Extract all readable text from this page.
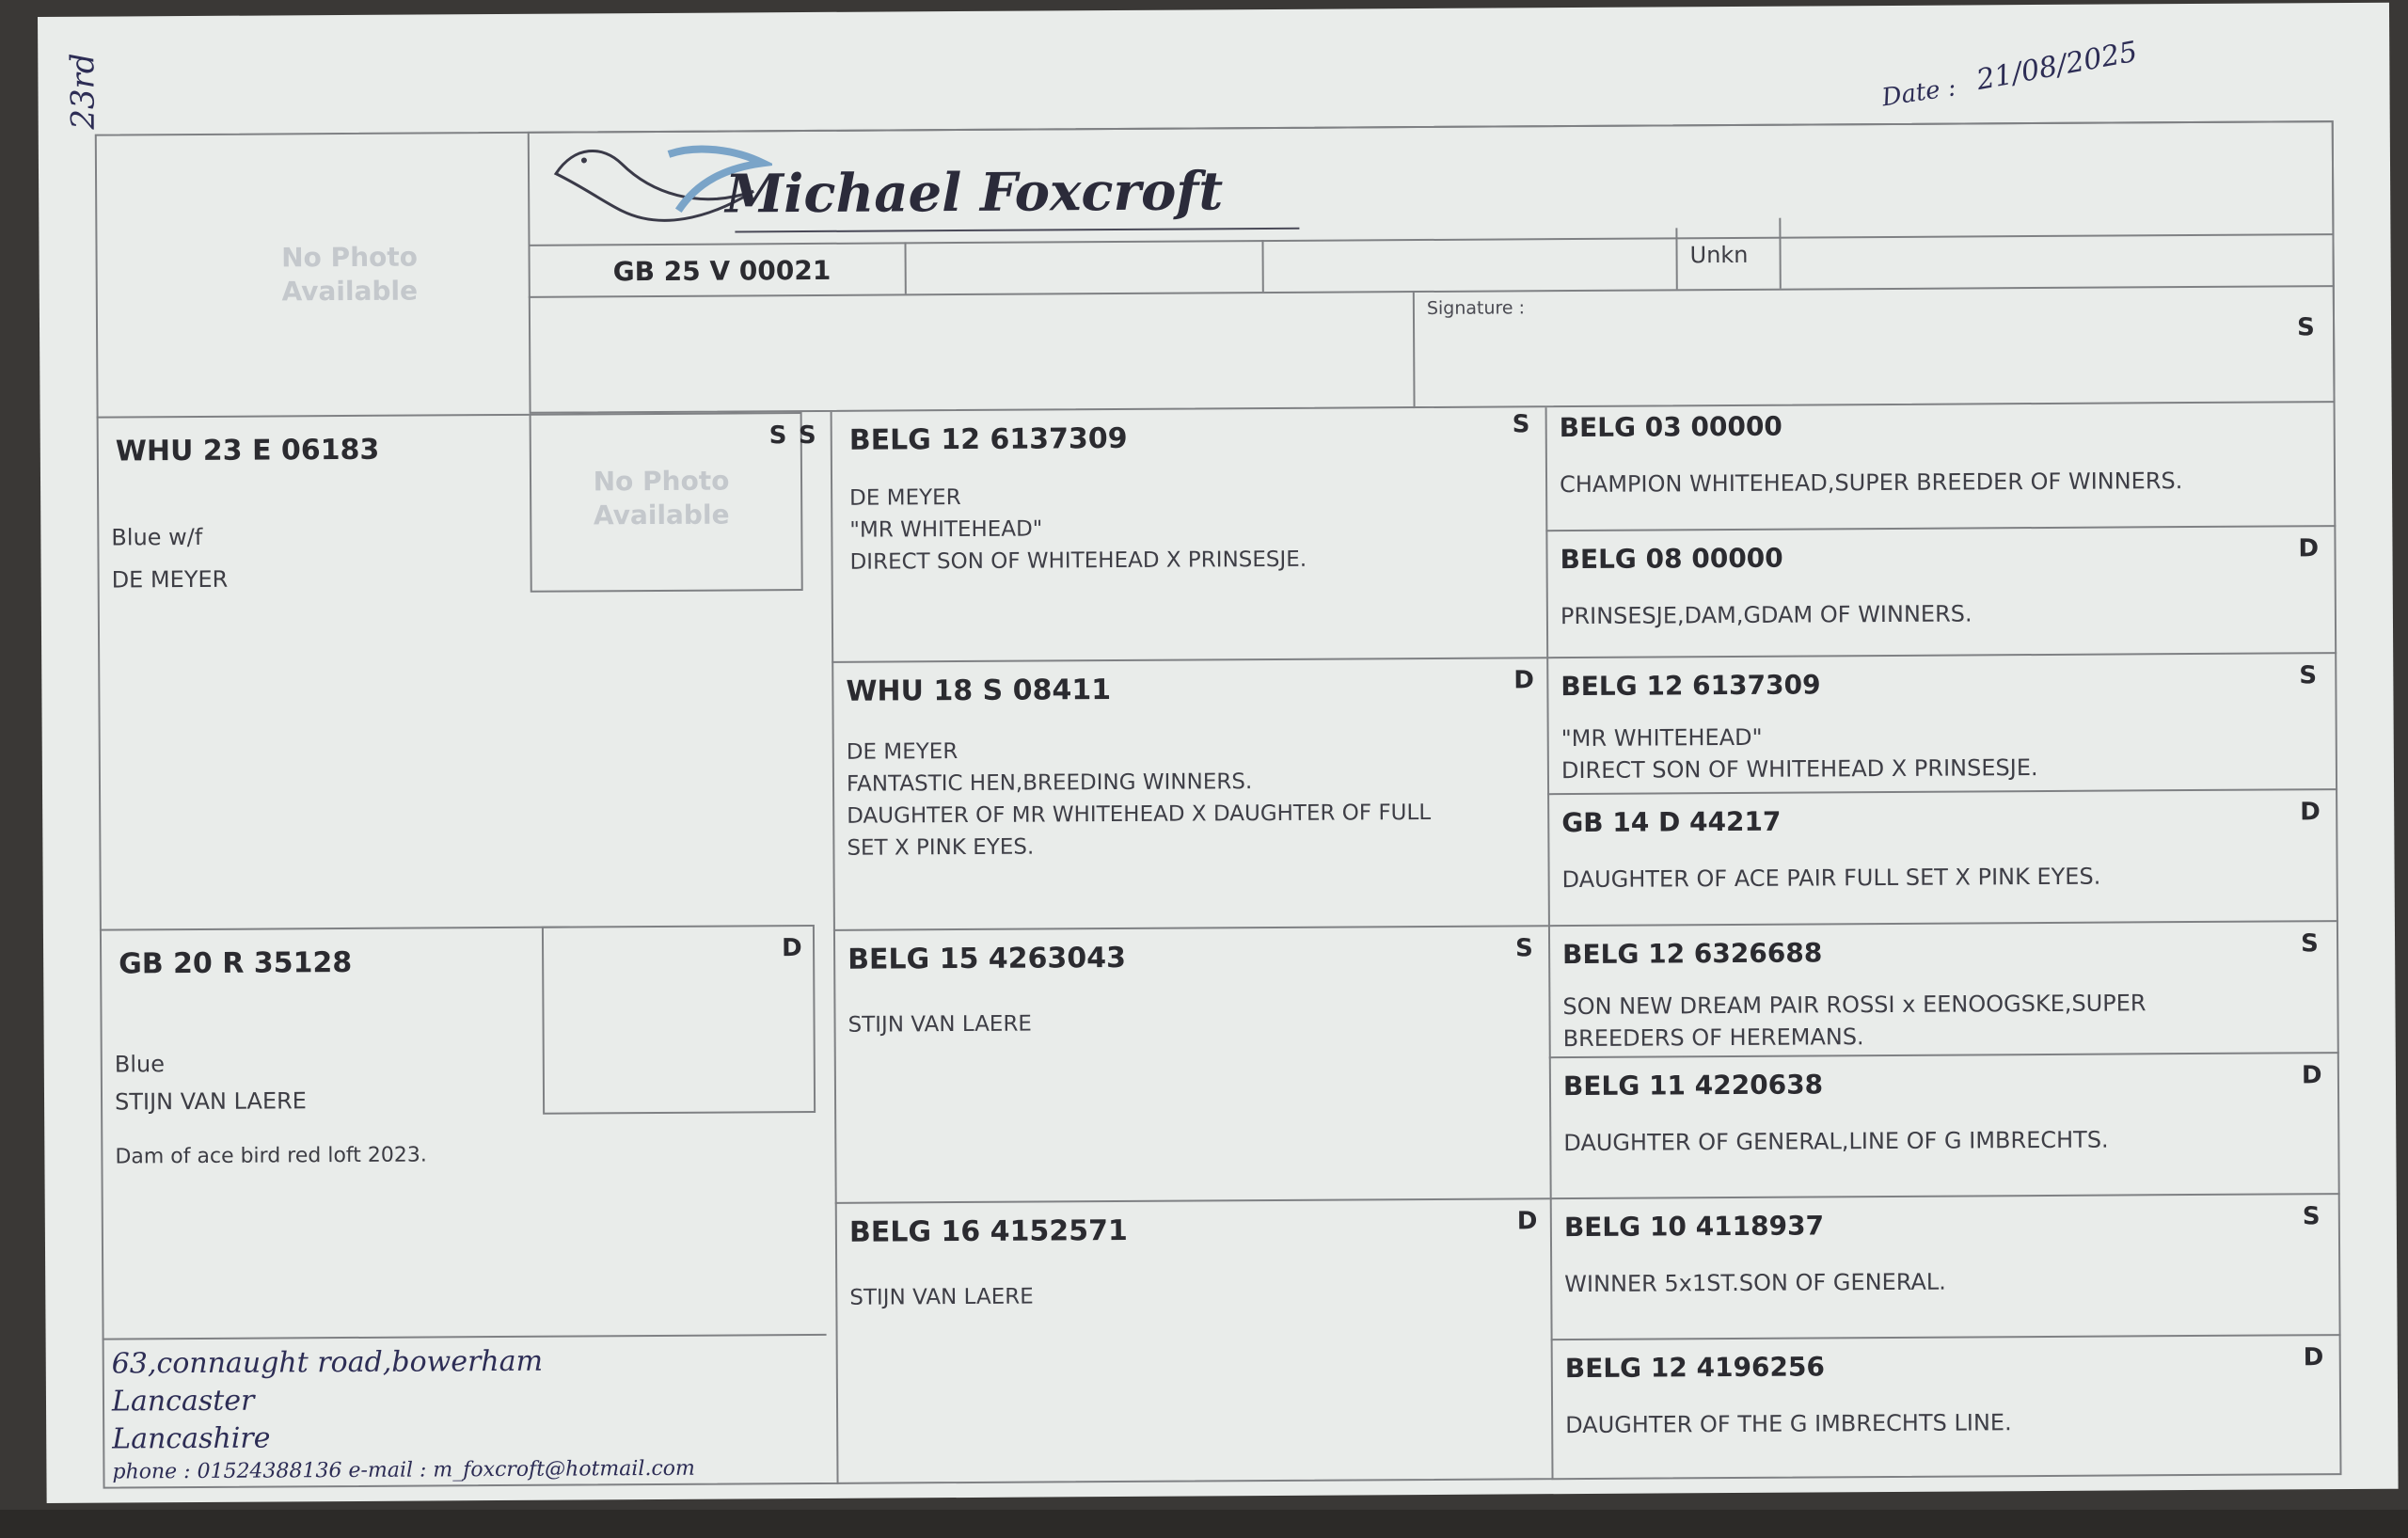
23rd	Date : 21/08/2025
No Photo
Available
Michael Foxcroft
GB 25 V 00021	Unkn
Signature :
No Photo
Available
S
WHU 23 E 06183
Blue w/f
DE MEYER
D
GB 20 R 35128
Blue
STIJN VAN LAERE
Dam of ace bird red loft 2023.
63,connaught road,bowerham
Lancaster
Lancashire
phone : 01524388136 e-mail : m_foxcroft@hotmail.com
S BELG 12 6137309
DE MEYER
"MR WHITEHEAD"
DIRECT SON OF WHITEHEAD X PRINSESJE.
S
D
WHU 18 S 08411
DE MEYER
FANTASTIC HEN,BREEDING WINNERS.
DAUGHTER OF MR WHITEHEAD X DAUGHTER OF FULL
SET X PINK EYES.
S
BELG 15 4263043
STIJN VAN LAERE
D
BELG 16 4152571
STIJN VAN LAERE
S
BELG 03 00000
CHAMPION WHITEHEAD,SUPER BREEDER OF WINNERS.
D
BELG 08 00000
PRINSESJE,DAM,GDAM OF WINNERS.
S
BELG 12 6137309
"MR WHITEHEAD"
DIRECT SON OF WHITEHEAD X PRINSESJE.
D
GB 14 D 44217
DAUGHTER OF ACE PAIR FULL SET X PINK EYES.
S
BELG 12 6326688
SON NEW DREAM PAIR ROSSI x EENOOGSKE,SUPER
BREEDERS OF HEREMANS.
D
BELG 11 4220638
DAUGHTER OF GENERAL,LINE OF G IMBRECHTS.
S
BELG 10 4118937
WINNER 5x1ST.SON OF GENERAL.
D
BELG 12 4196256
DAUGHTER OF THE G IMBRECHTS LINE.
